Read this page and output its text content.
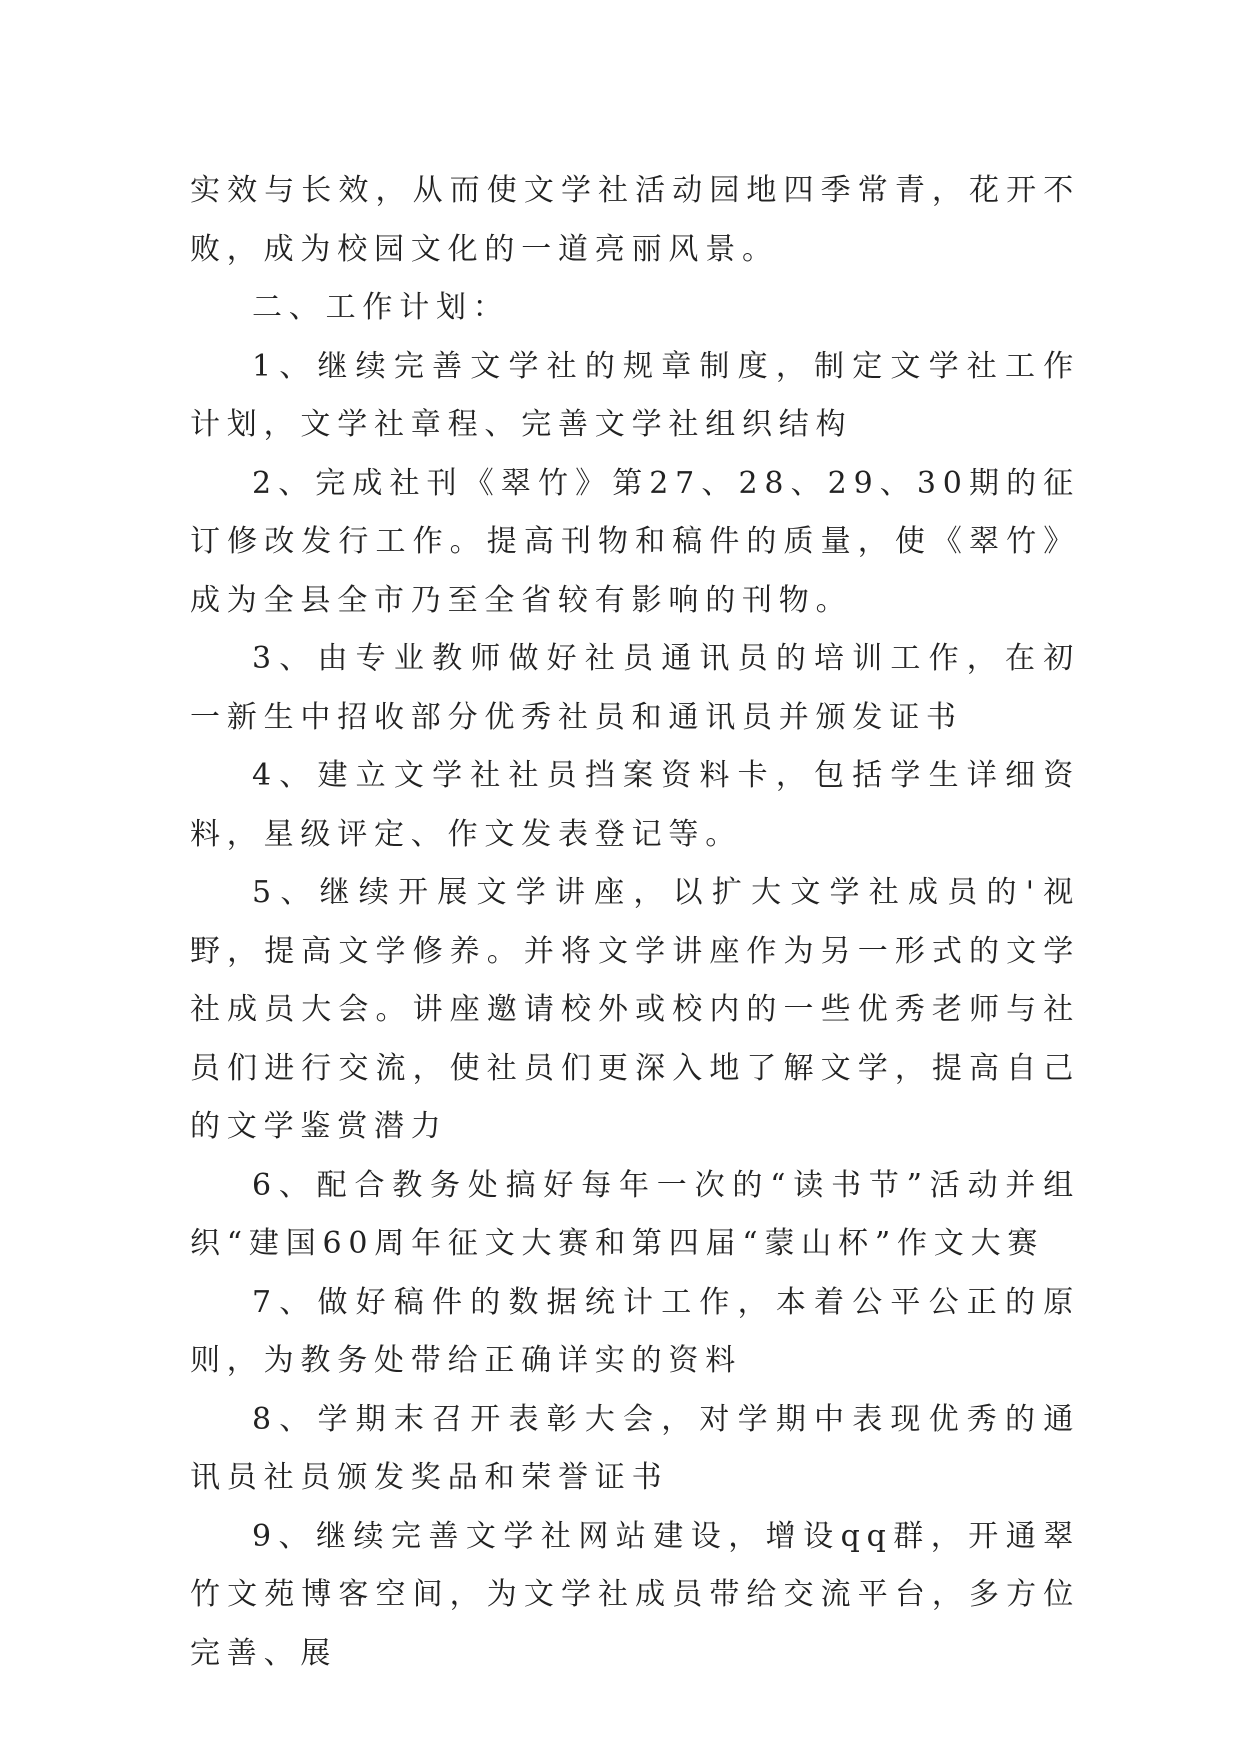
实效与长效，从而使文学社活动园地四季常青，花开不败，成为校园文化的一道亮丽风景。

二、工作计划：

1、继续完善文学社的规章制度，制定文学社工作计划，文学社章程、完善文学社组织结构

2、完成社刊《翠竹》第27、28、29、30期的征订修改发行工作。提高刊物和稿件的质量，使《翠竹》成为全县全市乃至全省较有影响的刊物。

3、由专业教师做好社员通讯员的培训工作，在初一新生中招收部分优秀社员和通讯员并颁发证书

4、建立文学社社员挡案资料卡，包括学生详细资料，星级评定、作文发表登记等。

5、继续开展文学讲座，以扩大文学社成员的'视野，提高文学修养。并将文学讲座作为另一形式的文学社成员大会。讲座邀请校外或校内的一些优秀老师与社员们进行交流，使社员们更深入地了解文学，提高自己的文学鉴赏潜力

6、配合教务处搞好每年一次的“读书节”活动并组织“建国60周年征文大赛和第四届“蒙山杯”作文大赛

7、做好稿件的数据统计工作，本着公平公正的原则，为教务处带给正确详实的资料

8、学期末召开表彰大会，对学期中表现优秀的通讯员社员颁发奖品和荣誉证书

9、继续完善文学社网站建设，增设qq群，开通翠竹文苑博客空间，为文学社成员带给交流平台，多方位完善、展
